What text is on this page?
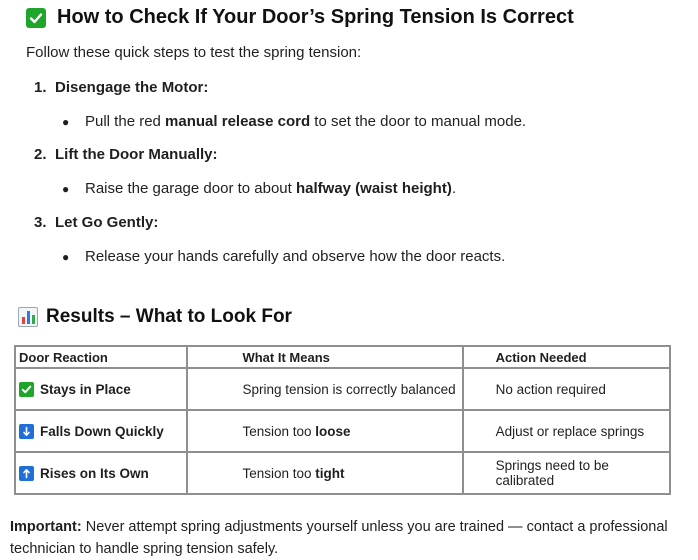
How to Check If Your Door’s Spring Tension Is Correct
Follow these quick steps to test the spring tension:
1. Disengage the Motor:
●	Pull the red manual release cord to set the door to manual mode.
2. Lift the Door Manually:
●	Raise the garage door to about halfway (waist height).
3. Let Go Gently:
●	Release your hands carefully and observe how the door reacts.
Results – What to Look For
Door Reaction	What It Means	Action Needed

Stays in Place	Spring tension is correctly balanced	No action required

Falls Down Quickly	Tension too loose	Adjust or replace springs

Rises on Its Own	Tension too tight	Springs need to be calibrated
Important: Never attempt spring adjustments yourself unless you are trained — contact a professional technician to handle spring tension safely.
